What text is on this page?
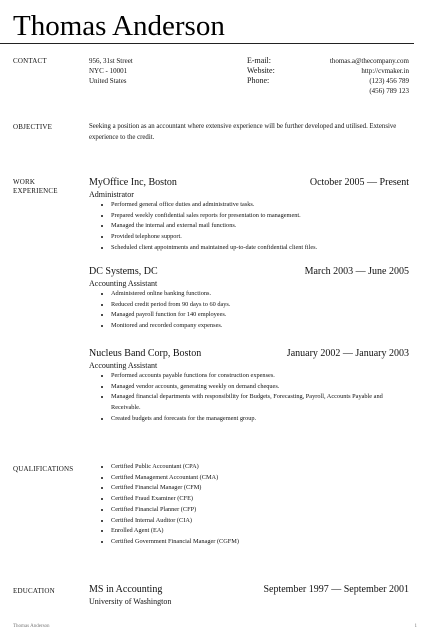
Thomas Anderson
CONTACT	956, 31st Street
NYC - 10001
United States
E-mail:
Website:
Phone:
thomas.a@thecompany.com
http://cvmaker.in
(123) 456 789
(456) 789 123
OBJECTIVE	Seeking a position as an accountant where extensive experience will be further developed and utilised. Extensive experience to the credit.
WORK
EXPERIENCE
MyOffice Inc, Boston	October 2005 — Present
Administrator
• Performed general office duties and administrative tasks.
• Prepared weekly confidential sales reports for presentation to management.
• Managed the internal and external mail functions.
• Provided telephone support.
• Scheduled client appointments and maintained up-to-date confidential client files.
DC Systems, DC	March 2003 — June 2005
Accounting Assistant
• Administered online banking functions.
• Reduced credit period from 90 days to 60 days.
• Managed payroll function for 140 employees.
• Monitored and recorded company expenses.
Nucleus Band Corp, Boston	January 2002 — January 2003
Accounting Assistant
• Performed accounts payable functions for construction expenses.
• Managed vendor accounts, generating weekly on demand cheques.
• Managed financial departments with responsibility for Budgets, Forecasting, Payroll, Accounts Payable and Receivable.
• Created budgets and forecasts for the management group.
QUALIFICATIONS
•	Certified Public Accountant (CPA)
• Certified Management Accountant (CMA)
• Certified Financial Manager (CFM)
• Certified Fraud Examiner (CFE)
• Certified Financial Planner (CFP)
• Certified Internal Auditor (CIA)
• Enrolled Agent (EA)
• Certified Government Financial Manager (CGFM)
EDUCATION	MS in Accounting	September 1997 — September 2001
University of Washington
Thomas Anderson	1
